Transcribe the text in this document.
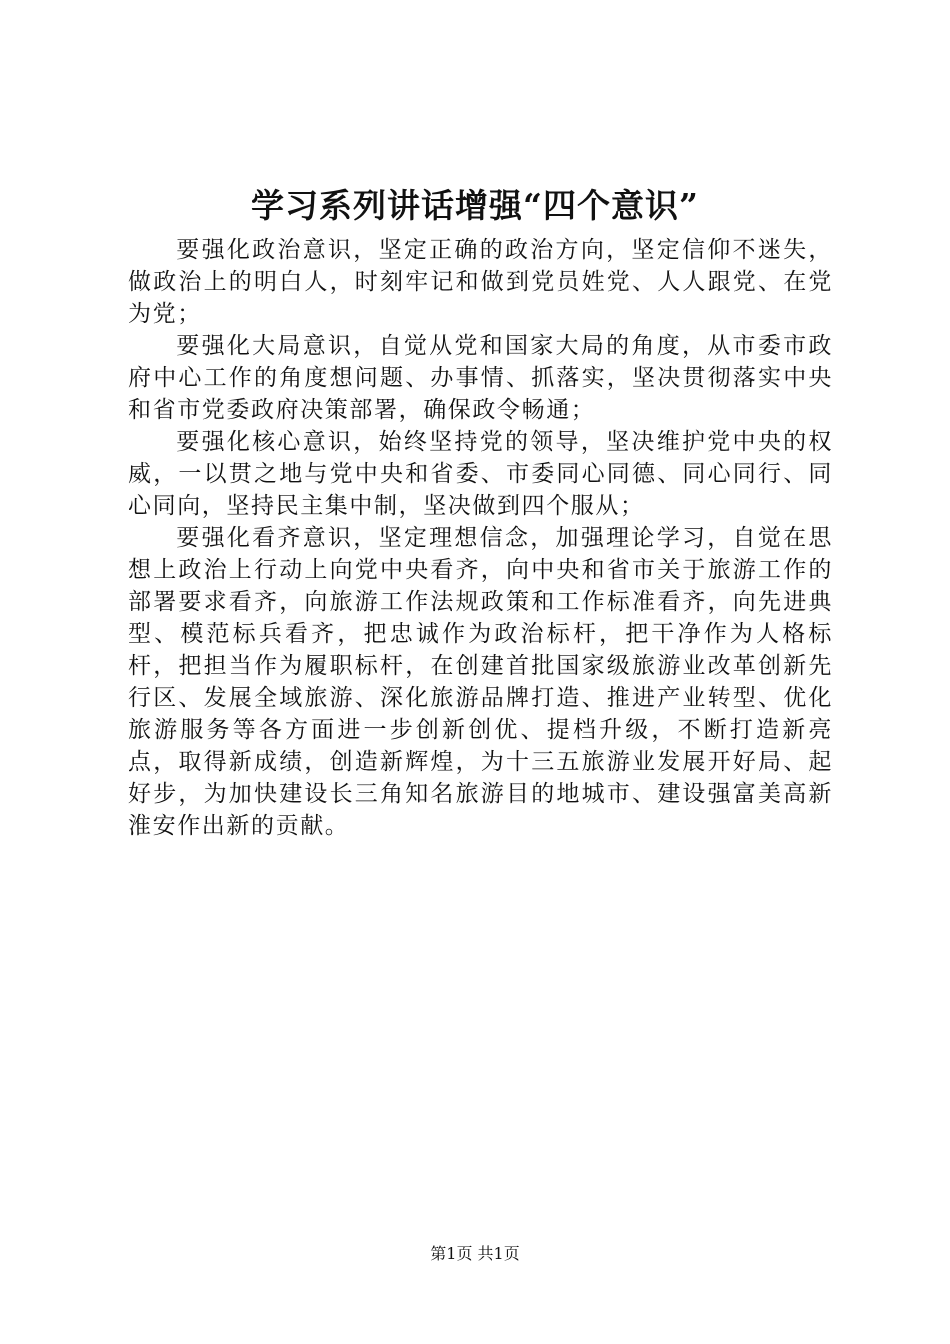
学习系列讲话增强“四个意识”

要强化政治意识，坚定正确的政治方向，坚定信仰不迷失，做政治上的明白人，时刻牢记和做到党员姓党、人人跟党、在党为党；

要强化大局意识，自觉从党和国家大局的角度，从市委市政府中心工作的角度想问题、办事情、抓落实，坚决贯彻落实中央和省市党委政府决策部署，确保政令畅通；

要强化核心意识，始终坚持党的领导，坚决维护党中央的权威，一以贯之地与党中央和省委、市委同心同德、同心同行、同心同向，坚持民主集中制，坚决做到四个服从；

要强化看齐意识，坚定理想信念，加强理论学习，自觉在思想上政治上行动上向党中央看齐，向中央和省市关于旅游工作的部署要求看齐，向旅游工作法规政策和工作标准看齐，向先进典型、模范标兵看齐，把忠诚作为政治标杆，把干净作为人格标杆，把担当作为履职标杆，在创建首批国家级旅游业改革创新先行区、发展全域旅游、深化旅游品牌打造、推进产业转型、优化旅游服务等各方面进一步创新创优、提档升级，不断打造新亮点，取得新成绩，创造新辉煌，为十三五旅游业发展开好局、起好步，为加快建设长三角知名旅游目的地城市、建设强富美高新淮安作出新的贡献。

第1页 共1页
